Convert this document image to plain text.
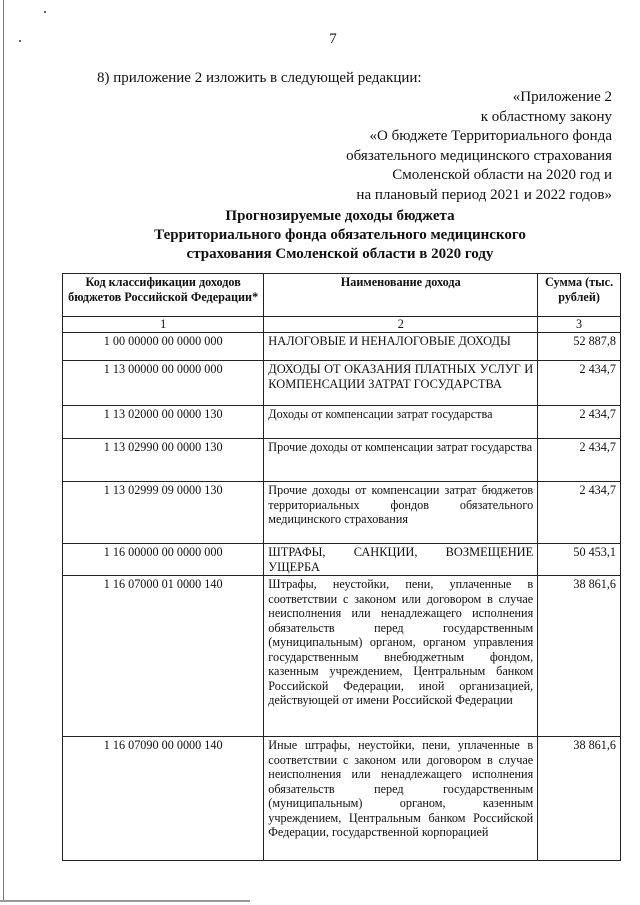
7
8) приложение 2 изложить в следующей редакции:
«Приложение 2
к областному закону
«О бюджете Территориального фонда
обязательного медицинского страхования
Смоленской области на 2020 год и
на плановый период 2021 и 2022 годов»
Прогнозируемые доходы бюджета
Территориального фонда обязательного медицинского
страхования Смоленской области в 2020 году
Код классификации доходов бюджетов Российской Федерации*	Наименование дохода	Сумма (тыс. рублей)
1	2	3
1 00 00000 00 0000 000	НАЛОГОВЫЕ И НЕНАЛОГОВЫЕ ДОХОДЫ	52 887,8
1 13 00000 00 0000 000	ДОХОДЫ ОТ ОКАЗАНИЯ ПЛАТНЫХ УСЛУГ И КОМПЕНСАЦИИ ЗАТРАТ ГОСУДАРСТВА	2 434,7
1 13 02000 00 0000 130	Доходы от компенсации затрат государства	2 434,7
1 13 02990 00 0000 130	Прочие доходы от компенсации затрат государства	2 434,7
1 13 02999 09 0000 130	Прочие доходы от компенсации затрат бюджетов территориальных фондов обязательного медицинского страхования	2 434,7
1 16 00000 00 0000 000	ШТРАФЫ, САНКЦИИ, ВОЗМЕЩЕНИЕ УЩЕРБА	50 453,1
1 16 07000 01 0000 140	Штрафы, неустойки, пени, уплаченные в соответствии с законом или договором в случае неисполнения или ненадлежащего исполнения обязательств перед государственным (муниципальным) органом, органом управления государственным внебюджетным фондом, казенным учреждением, Центральным банком Российской Федерации, иной организацией, действующей от имени Российской Федерации	38 861,6
1 16 07090 00 0000 140	Иные штрафы, неустойки, пени, уплаченные в соответствии с законом или договором в случае неисполнения или ненадлежащего исполнения обязательств перед государственным (муниципальным) органом, казенным учреждением, Центральным банком Российской Федерации, государственной корпорацией	38 861,6
